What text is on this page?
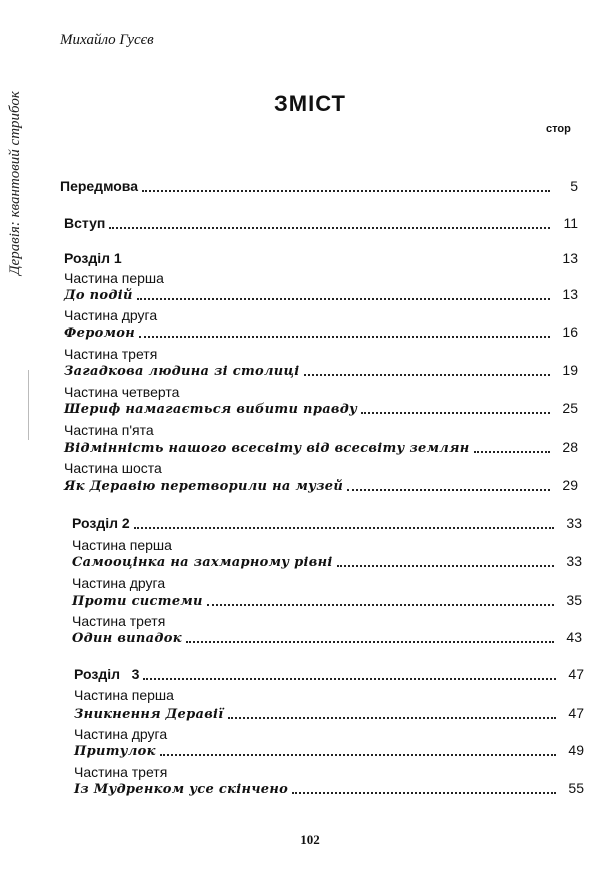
Михайло Гусєв
Деравія: квантовий стрибок	ЗМІСТ
стор
Передмова	5
Вступ	11
Розділ 1	13
Частина перша
До подій	13
Частина друга
Феромон	16
Частина третя
Загадкова людина зі столиці	19
Частина четверта
Шериф намагається вибити правду	25
Частина п'ята
Відмінність нашого всесвіту від всесвіту землян	28
Частина шоста
Як Деравію перетворили на музей	29
Розділ 2	33
Частина перша
Самооцінка на захмарному рівні	33
Частина друга
Проти системи	35
Частина третя
Один випадок	43
Розділ   3	47
Частина перша
Зникнення Деравії	47
Частина друга
Притулок	49
Частина третя
Із Мудренком усе скінчено	55
102
